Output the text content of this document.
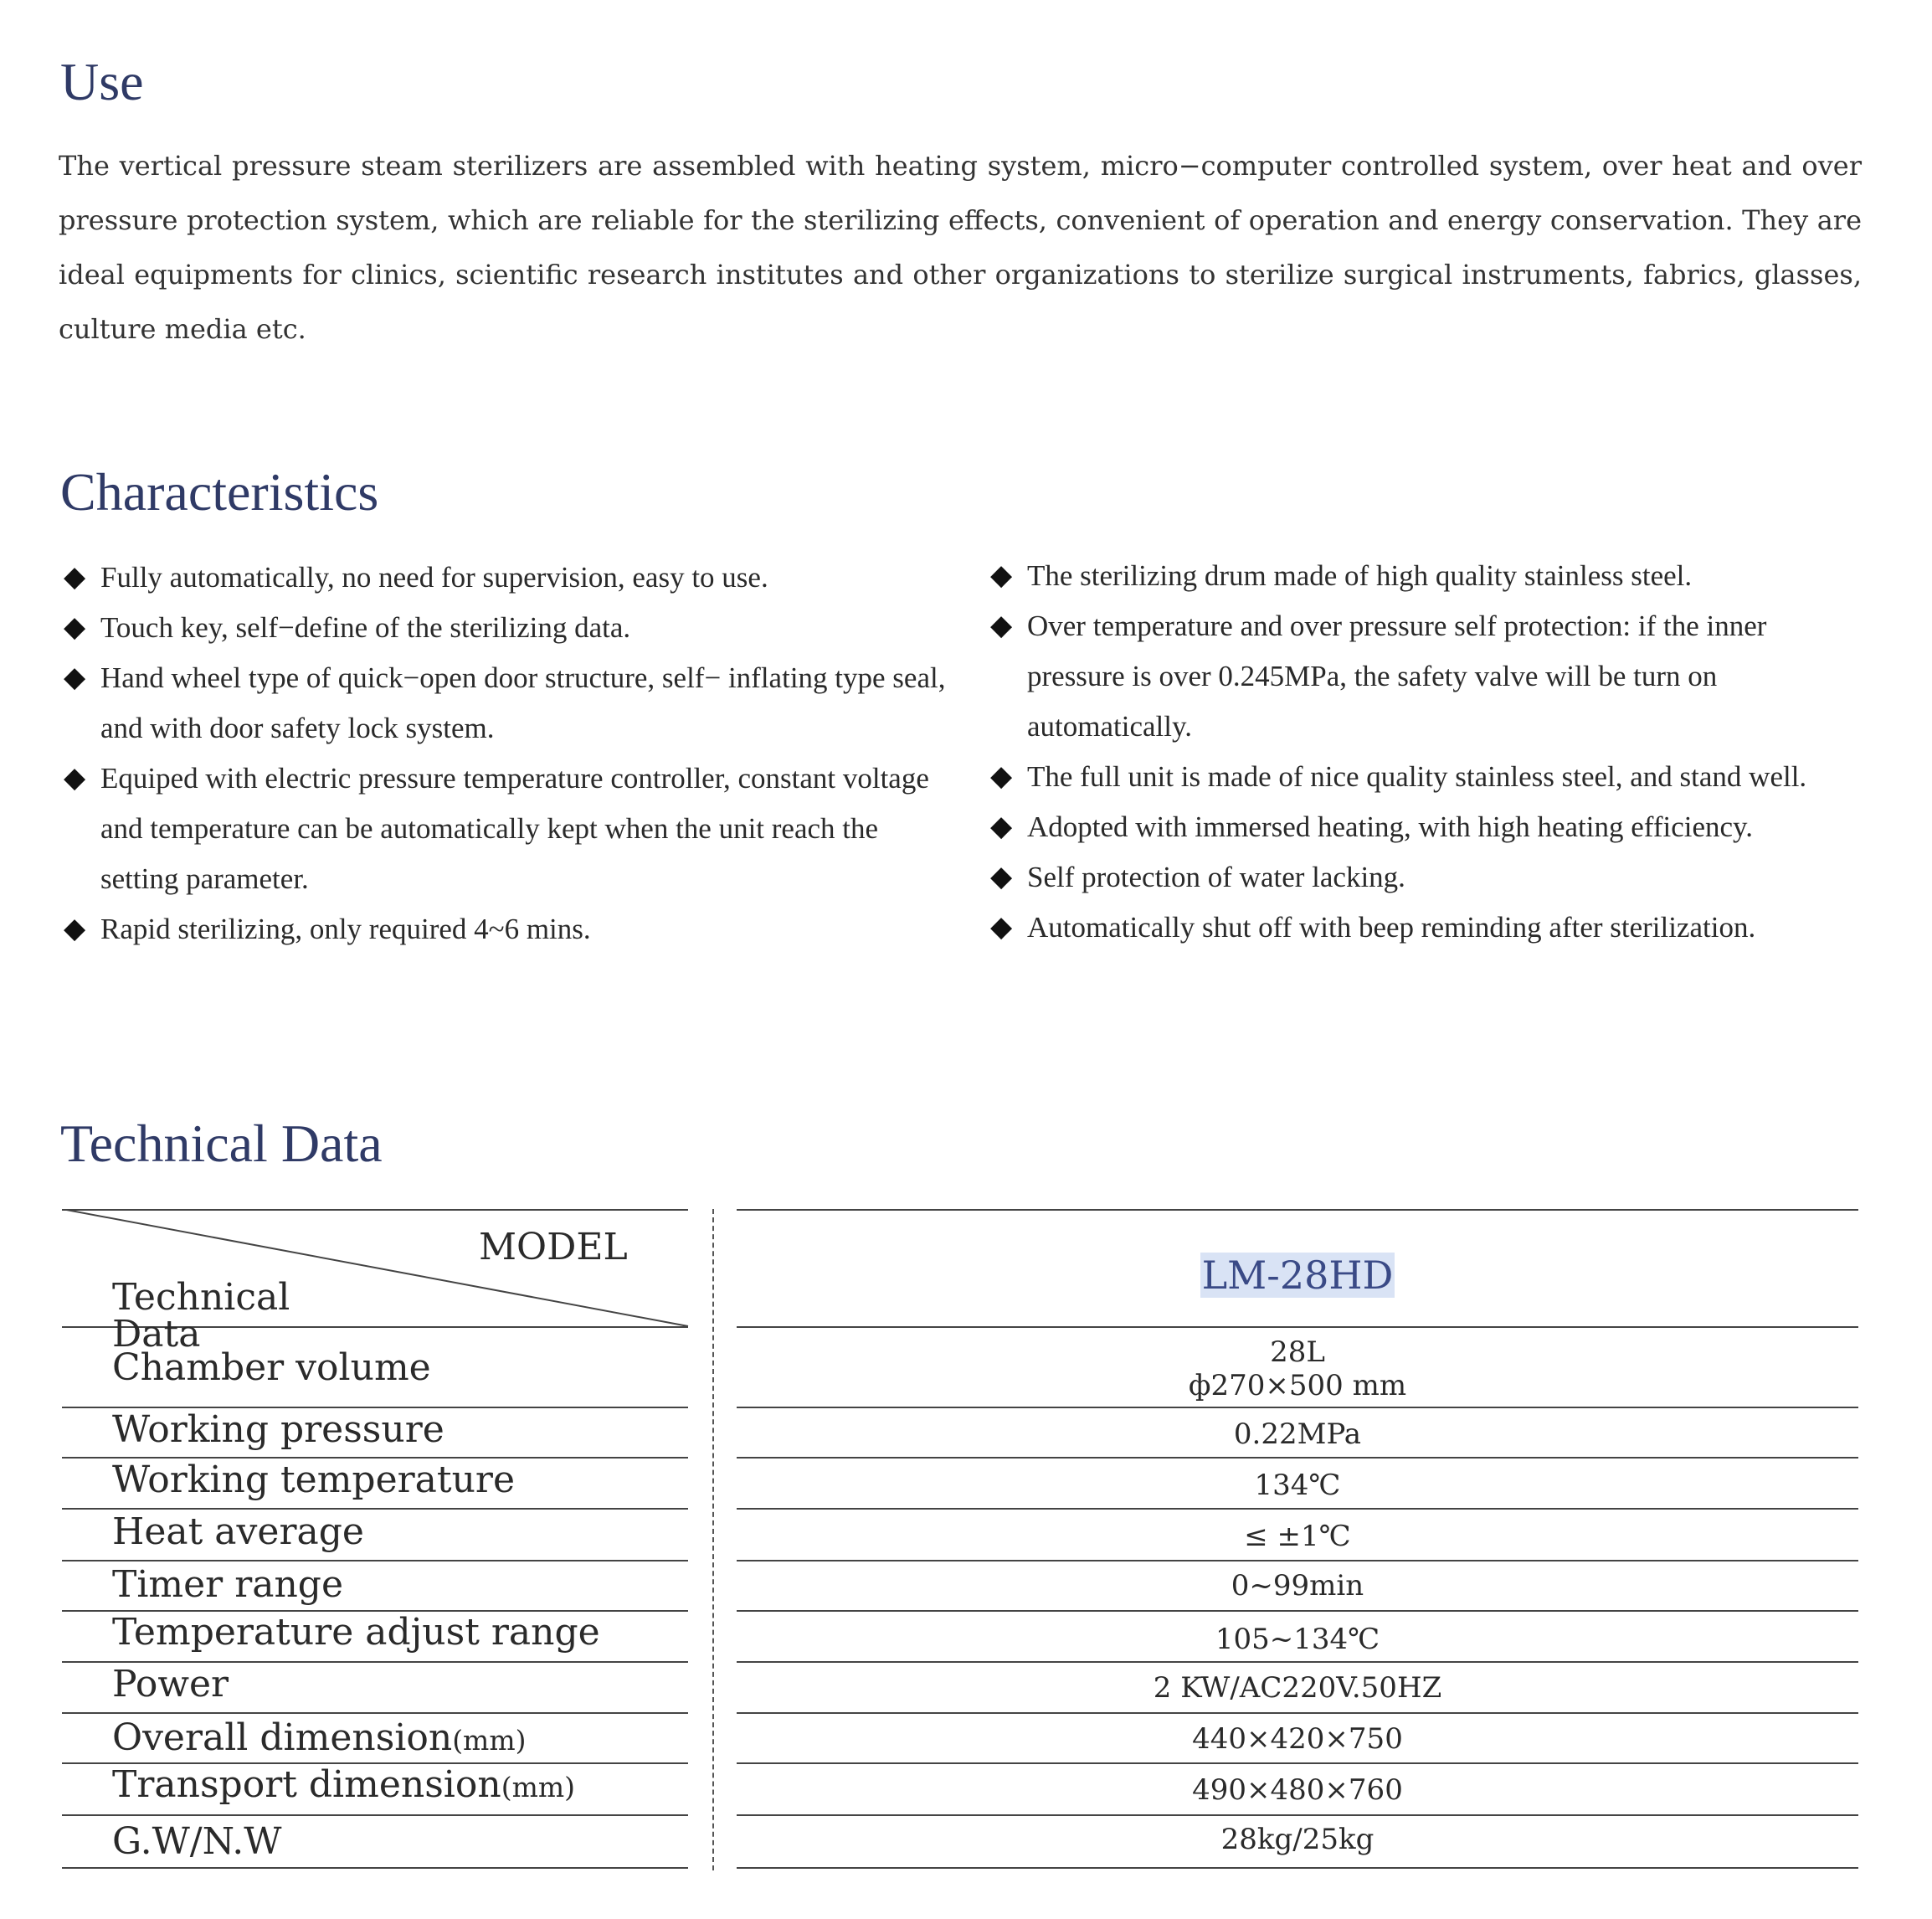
Use

The vertical pressure steam sterilizers are assembled with heating system, micro−computer controlled system, over heat and over pressure protection system, which are reliable for the sterilizing effects, convenient of operation and energy conservation. They are ideal equipments for clinics, scientific research institutes and other organizations to sterilize surgical instruments, fabrics, glasses, culture media etc.

Characteristics
◆ Fully automatically, no need for supervision, easy to use.
◆ Touch key, self−define of the sterilizing data.
◆ Hand wheel type of quick−open door structure, self− inflating type seal, and with door safety lock system.
◆ Equiped with electric pressure temperature controller, constant voltage and temperature can be automatically kept when the unit reach the setting parameter.
◆ Rapid sterilizing, only required 4~6 mins.
◆ The sterilizing drum made of high quality stainless steel.
◆ Over temperature and over pressure self protection: if the inner pressure is over 0.245MPa, the safety valve will be turn on automatically.
◆ The full unit is made of nice quality stainless steel, and stand well.
◆ Adopted with immersed heating, with high heating efficiency.
◆ Self protection of water lacking.
◆ Automatically shut off with beep reminding after sterilization.
Technical Data
MODEL
Technical Data
LM-28HD
Chamber volume	28L
ф270×500 mm
Working pressure	0.22MPa
Working temperature	134℃
Heat average	≤ ±1℃
Timer range	0~99min
Temperature adjust range	105~134℃
Power	2 KW/AC220V.50HZ
Overall dimension(mm)	440×420×750
Transport dimension(mm)	490×480×760
G.W/N.W	28kg/25kg
